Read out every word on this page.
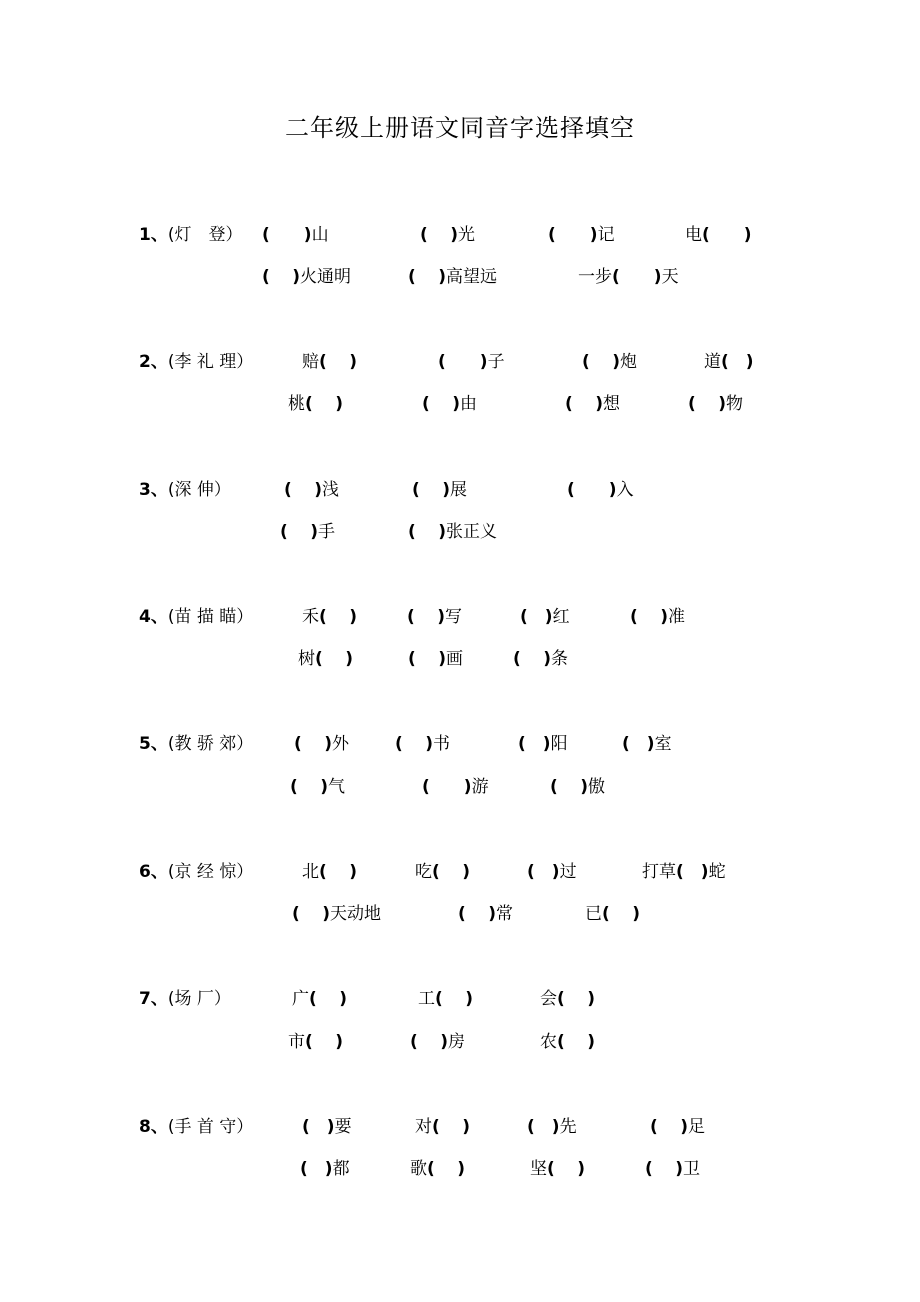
二年级上册语文同音字选择填空
1、(灯　登） (　　 )山	(　 )光	(　　 )记	电(　　 )
(　 )火通明	(　 )高望远	一步(　　 )天
2、(李 礼 理）	赔(　 )	(　　 )子	(　 )炮	道(　 )
桃(　 )	(　 )由	(　 )想	(　 )物
3、(深 伸）	(　 )浅	(　 )展	(　　 )入
(　 )手	(　 )张正义
4、(苗 描 瞄）	禾(　 )	(　 )写	(　 )红	(　 )准
树(　 )	(　 )画	(　 )条
5、(教 骄 郊） (　 )外	(　 )书	(　 )阳	(　 )室
(　 )气	(　　 )游	(　 )傲
6、(京 经 惊）	北(　 )	吃(　 )	(　 )过	打草(　 )蛇
(　 )天动地	(　 )常	已(　 )
7、(场 厂）	广(　 )	工(　 )	会(　 )
市(　 )	(　 )房	农(　 )
8、(手 首 守）	(　 )要	对(　 )	(　 )先	(　 )足
(　 )都	歌(　 )	坚(　 )	(　 )卫
